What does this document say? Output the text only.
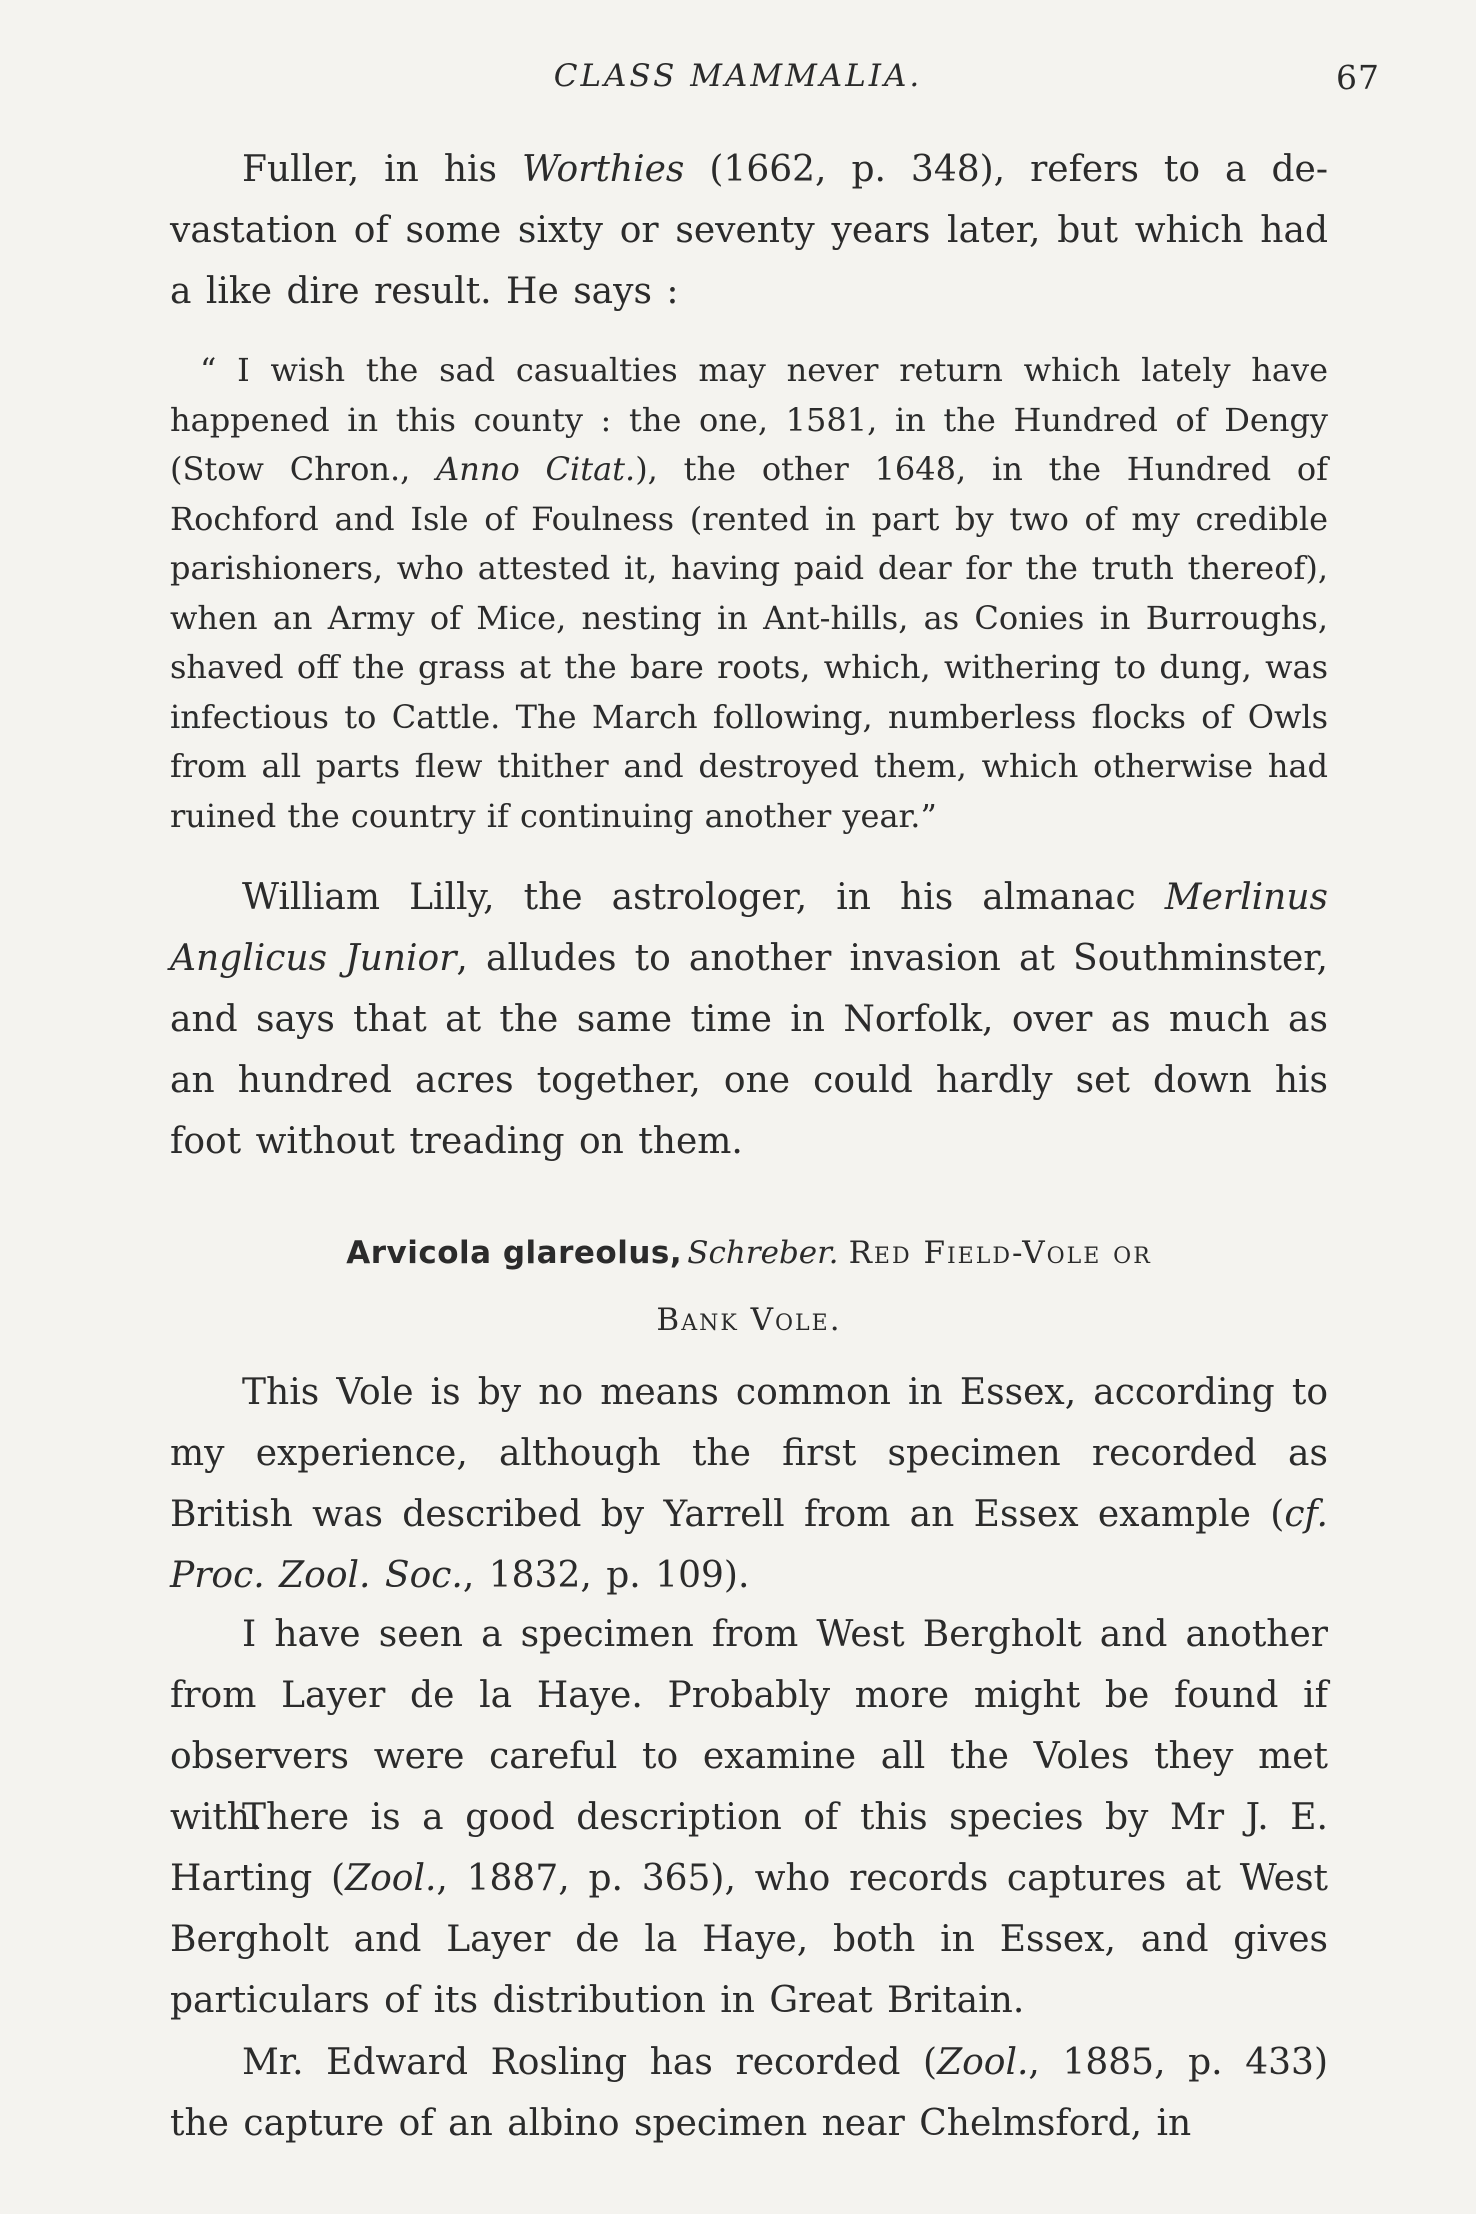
CLASS MAMMALIA.	67

Fuller, in his Worthies (1662, p. 348), refers to a devastation of some sixty or seventy years later, but which had a like dire result. He says :

“ I wish the sad casualties may never return which lately have happened in this county : the one, 1581, in the Hundred of Dengy (Stow Chron., Anno Citat.), the other 1648, in the Hundred of Rochford and Isle of Foulness (rented in part by two of my credible parishioners, who attested it, having paid dear for the truth thereof), when an Army of Mice, nesting in Ant-hills, as Conies in Burroughs, shaved off the grass at the bare roots, which, withering to dung, was infectious to Cattle. The March following, numberless flocks of Owls from all parts flew thither and destroyed them, which otherwise had ruined the country if continuing another year.”

William Lilly, the astrologer, in his almanac Merlinus Anglicus Junior, alludes to another invasion at Southminster, and says that at the same time in Norfolk, over as much as an hundred acres together, one could hardly set down his foot without treading on them.

Arvicola glareolus, Schreber. Red Field-Vole or
Bank Vole.

This Vole is by no means common in Essex, according to my experience, although the first specimen recorded as British was described by Yarrell from an Essex example (cf. Proc. Zool. Soc., 1832, p. 109).

I have seen a specimen from West Bergholt and another from Layer de la Haye. Probably more might be found if observers were careful to examine all the Voles they met with.

There is a good description of this species by Mr J. E. Harting (Zool., 1887, p. 365), who records captures at West Bergholt and Layer de la Haye, both in Essex, and gives particulars of its distribution in Great Britain.

Mr. Edward Rosling has recorded (Zool., 1885, p. 433) the capture of an albino specimen near Chelmsford, in
